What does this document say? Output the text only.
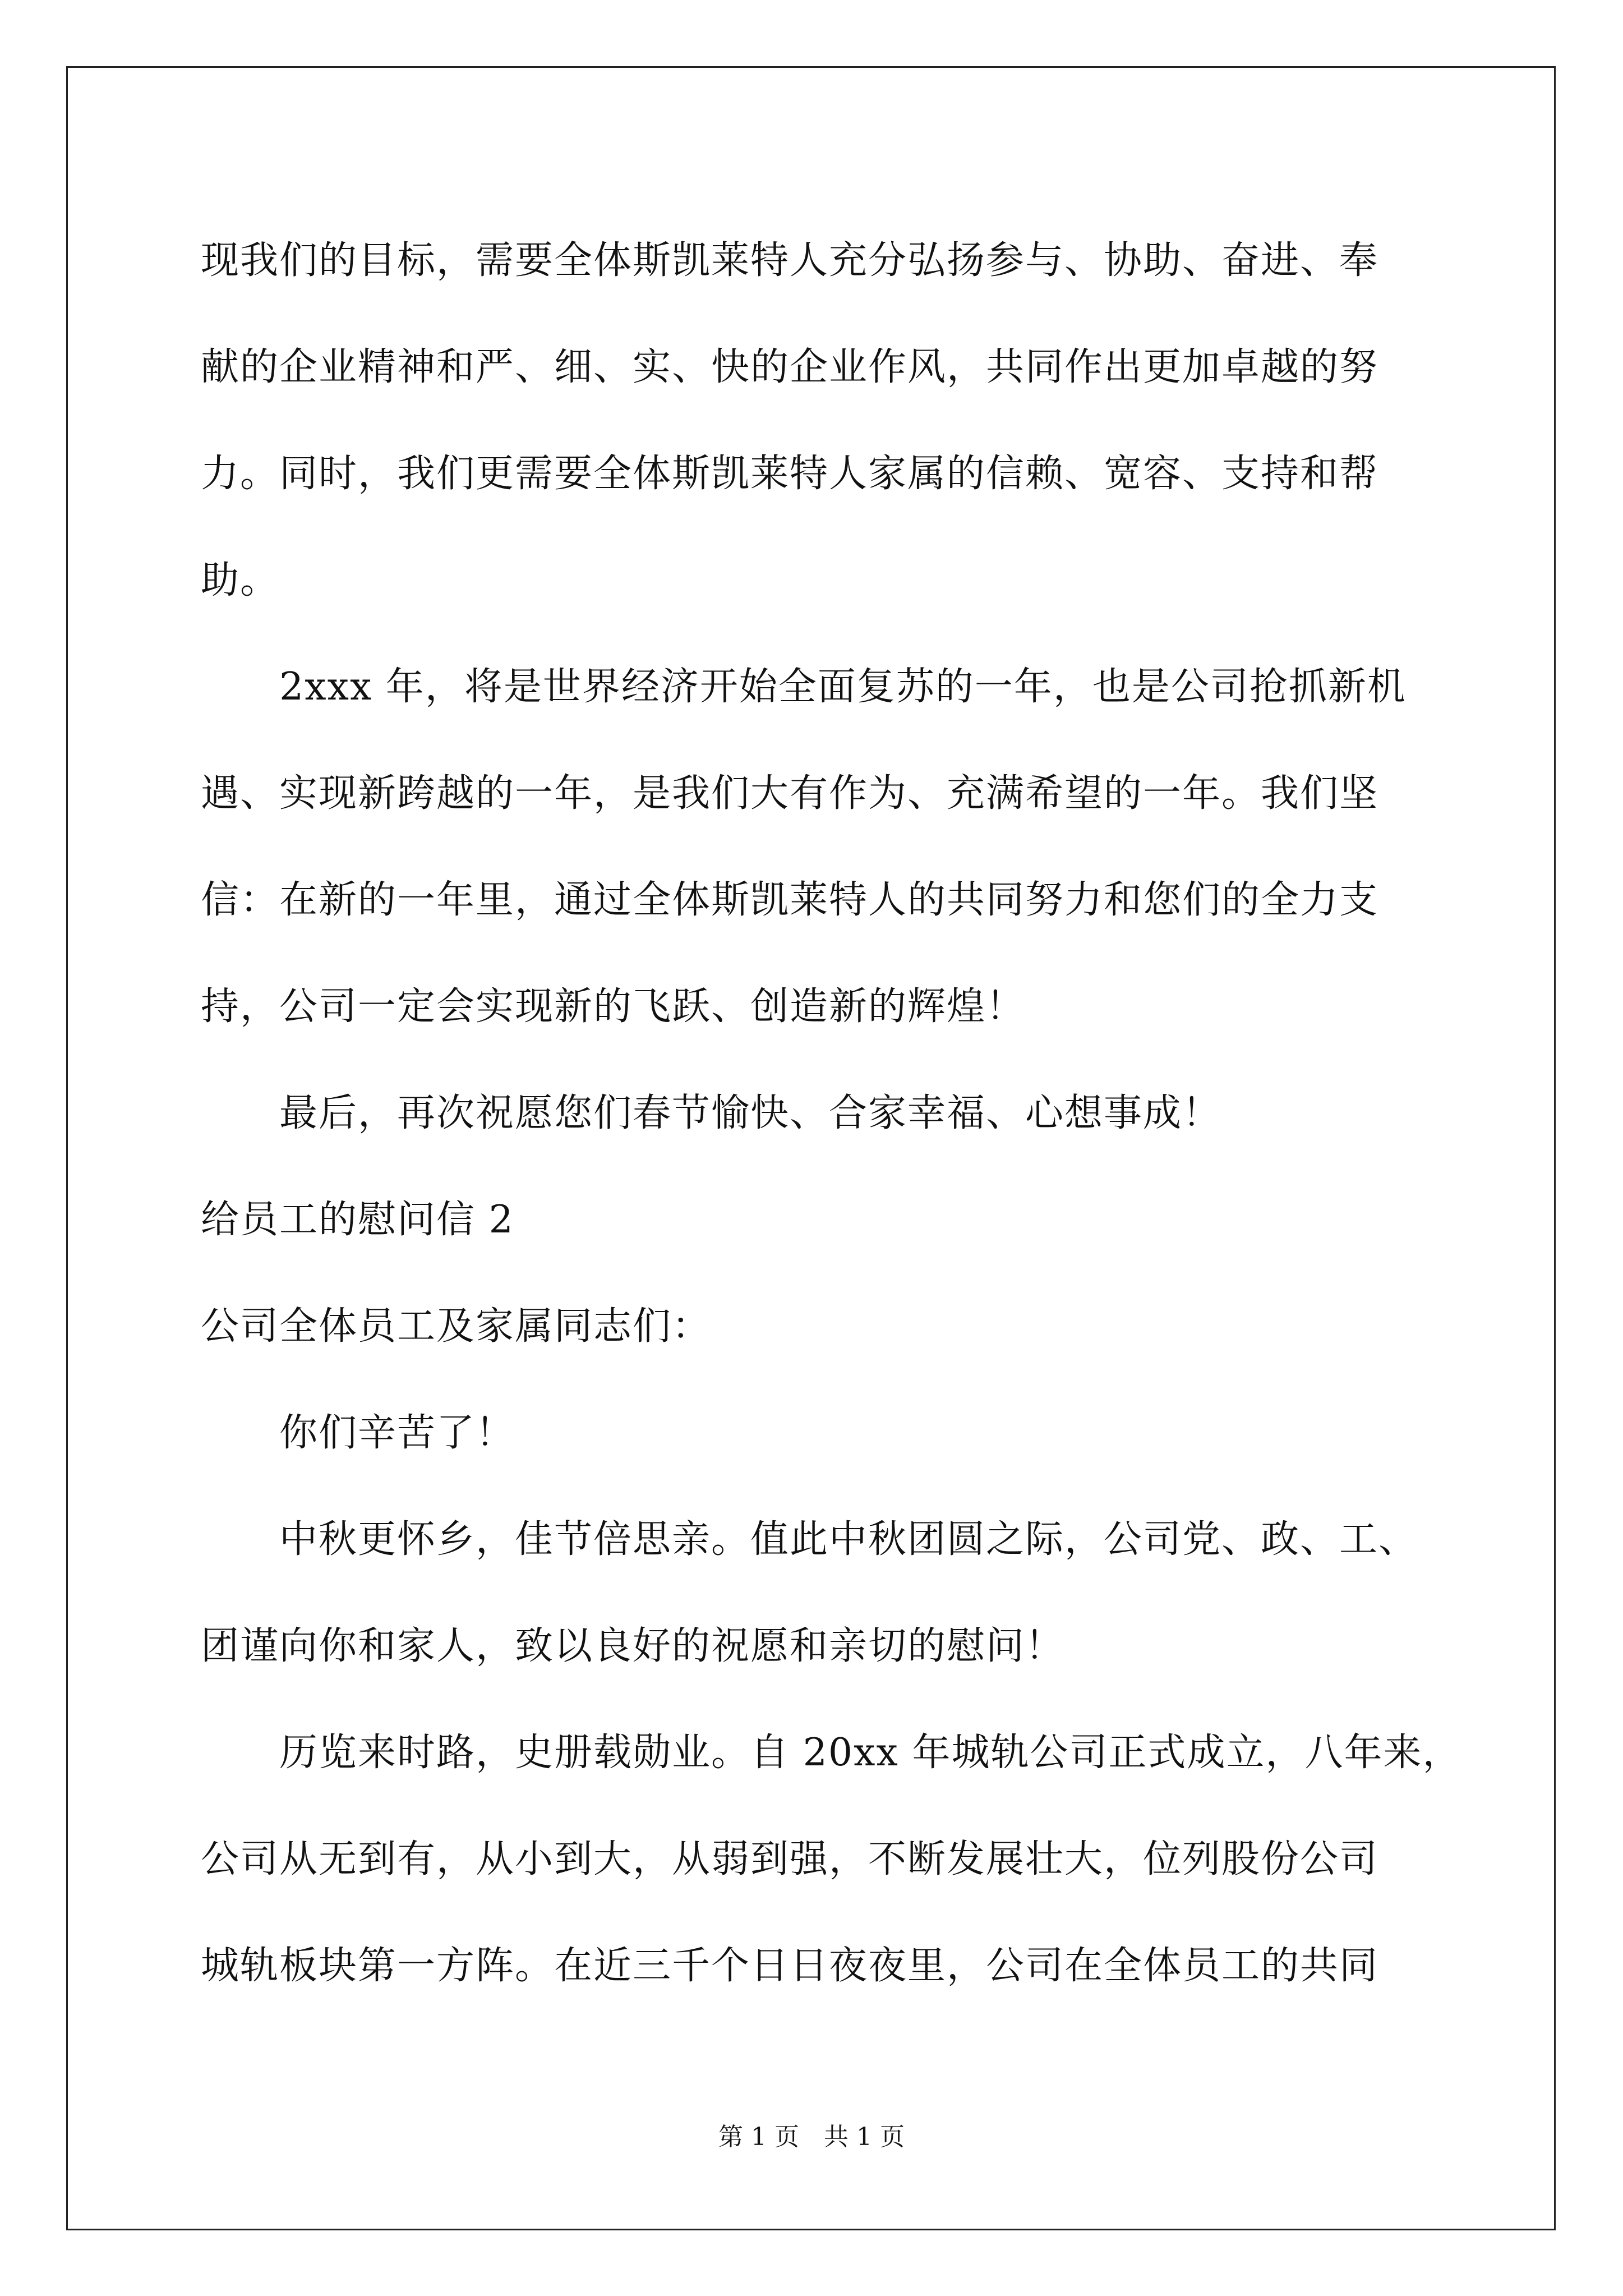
现我们的目标，需要全体斯凯莱特人充分弘扬参与、协助、奋进、奉
献的企业精神和严、细、实、快的企业作风，共同作出更加卓越的努
力。同时，我们更需要全体斯凯莱特人家属的信赖、宽容、支持和帮
助。
2xxx 年，将是世界经济开始全面复苏的一年，也是公司抢抓新机
遇、实现新跨越的一年，是我们大有作为、充满希望的一年。我们坚
信：在新的一年里，通过全体斯凯莱特人的共同努力和您们的全力支
持，公司一定会实现新的飞跃、创造新的辉煌！
最后，再次祝愿您们春节愉快、合家幸福、心想事成！
给员工的慰问信 2
公司全体员工及家属同志们：
你们辛苦了！
中秋更怀乡，佳节倍思亲。值此中秋团圆之际，公司党、政、工、
团谨向你和家人，致以良好的祝愿和亲切的慰问！
历览来时路，史册载勋业。自 20xx 年城轨公司正式成立，八年来，
公司从无到有，从小到大，从弱到强，不断发展壮大，位列股份公司
城轨板块第一方阵。在近三千个日日夜夜里，公司在全体员工的共同
第 1 页　共 1 页
